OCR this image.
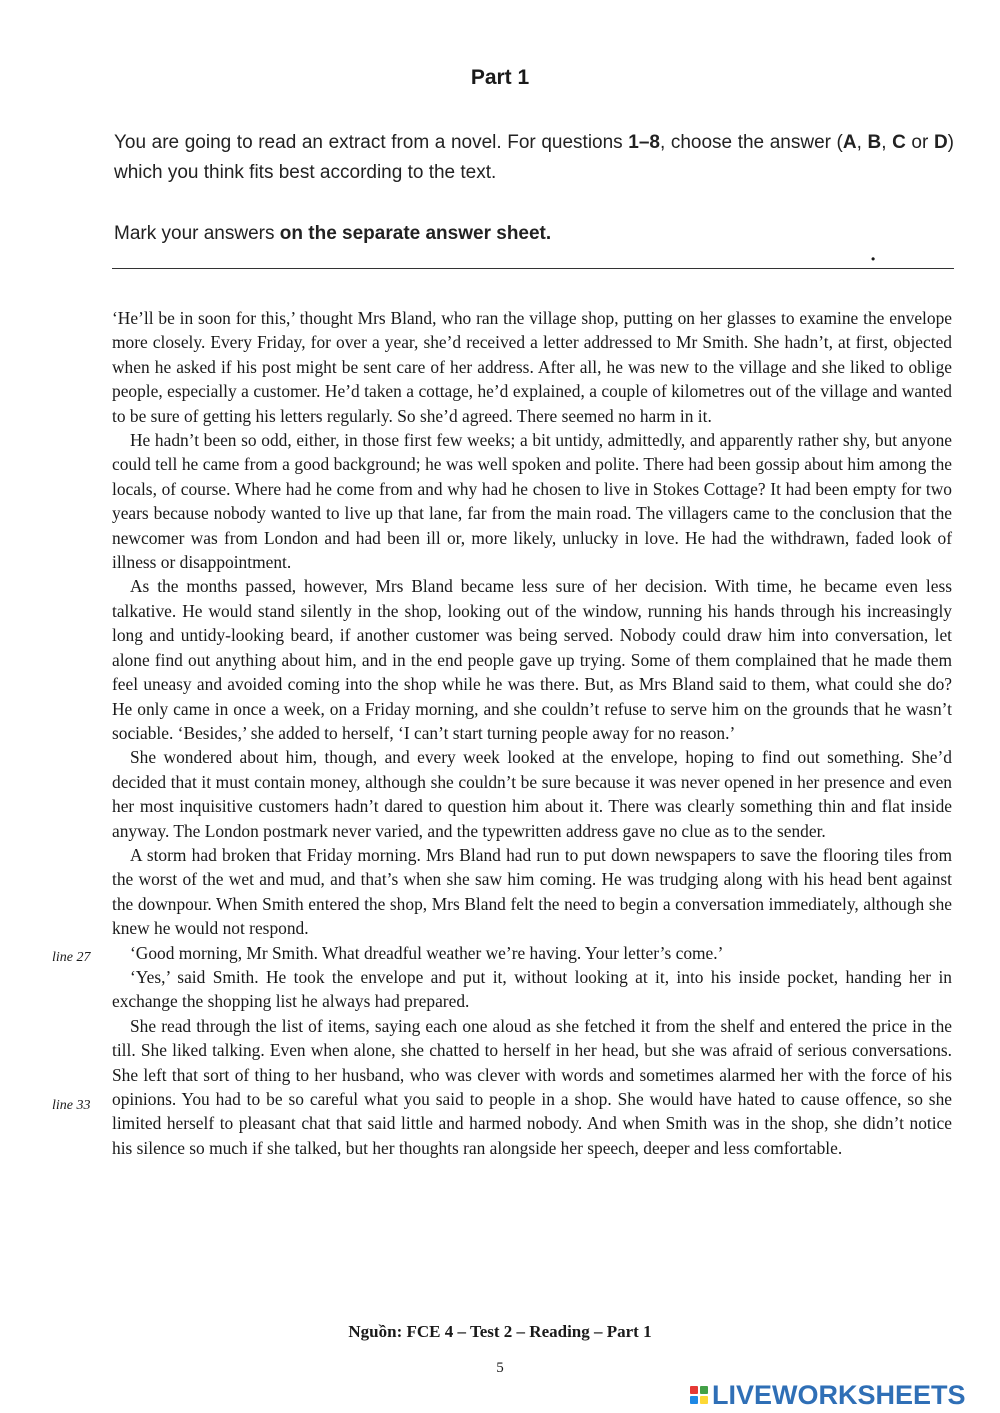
Part 1
You are going to read an extract from a novel. For questions 1–8, choose the answer (A, B, C or D) which you think fits best according to the text.
Mark your answers on the separate answer sheet.
•

‘He’ll be in soon for this,’ thought Mrs Bland, who ran the village shop, putting on her glasses to examine the envelope more closely. Every Friday, for over a year, she’d received a letter addressed to Mr Smith. She hadn’t, at first, objected when he asked if his post might be sent care of her address. After all, he was new to the village and she liked to oblige people, especially a customer. He’d taken a cottage, he’d explained, a couple of kilometres out of the village and wanted to be sure of getting his letters regularly. So she’d agreed. There seemed no harm in it.

He hadn’t been so odd, either, in those first few weeks; a bit untidy, admittedly, and apparently rather shy, but anyone could tell he came from a good background; he was well spoken and polite. There had been gossip about him among the locals, of course. Where had he come from and why had he chosen to live in Stokes Cottage? It had been empty for two years because nobody wanted to live up that lane, far from the main road. The villagers came to the conclusion that the newcomer was from London and had been ill or, more likely, unlucky in love. He had the withdrawn, faded look of illness or disappointment.

As the months passed, however, Mrs Bland became less sure of her decision. With time, he became even less talkative. He would stand silently in the shop, looking out of the window, running his hands through his increasingly long and untidy-looking beard, if another customer was being served. Nobody could draw him into conversation, let alone find out anything about him, and in the end people gave up trying. Some of them complained that he made them feel uneasy and avoided coming into the shop while he was there. But, as Mrs Bland said to them, what could she do? He only came in once a week, on a Friday morning, and she couldn’t refuse to serve him on the grounds that he wasn’t sociable. ‘Besides,’ she added to herself, ‘I can’t start turning people away for no reason.’

She wondered about him, though, and every week looked at the envelope, hoping to find out something. She’d decided that it must contain money, although she couldn’t be sure because it was never opened in her presence and even her most inquisitive customers hadn’t dared to question him about it. There was clearly something thin and flat inside anyway. The London postmark never varied, and the typewritten address gave no clue as to the sender.

A storm had broken that Friday morning. Mrs Bland had run to put down newspapers to save the flooring tiles from the worst of the wet and mud, and that’s when she saw him coming. He was trudging along with his head bent against the downpour. When Smith entered the shop, Mrs Bland felt the need to begin a conversation immediately, although she knew he would not respond.

‘Good morning, Mr Smith. What dreadful weather we’re having. Your letter’s come.’

‘Yes,’ said Smith. He took the envelope and put it, without looking at it, into his inside pocket, handing her in exchange the shopping list he always had prepared.

She read through the list of items, saying each one aloud as she fetched it from the shelf and entered the price in the till. She liked talking. Even when alone, she chatted to herself in her head, but she was afraid of serious conversations. She left that sort of thing to her husband, who was clever with words and sometimes alarmed her with the force of his opinions. You had to be so careful what you said to people in a shop. She would have hated to cause offence, so she limited herself to pleasant chat that said little and harmed nobody. And when Smith was in the shop, she didn’t notice his silence so much if she talked, but her thoughts ran alongside her speech, deeper and less comfortable.

line 27
line 33
Nguồn: FCE 4 – Test 2 – Reading – Part 1
5
LIVEWORKSHEETS
